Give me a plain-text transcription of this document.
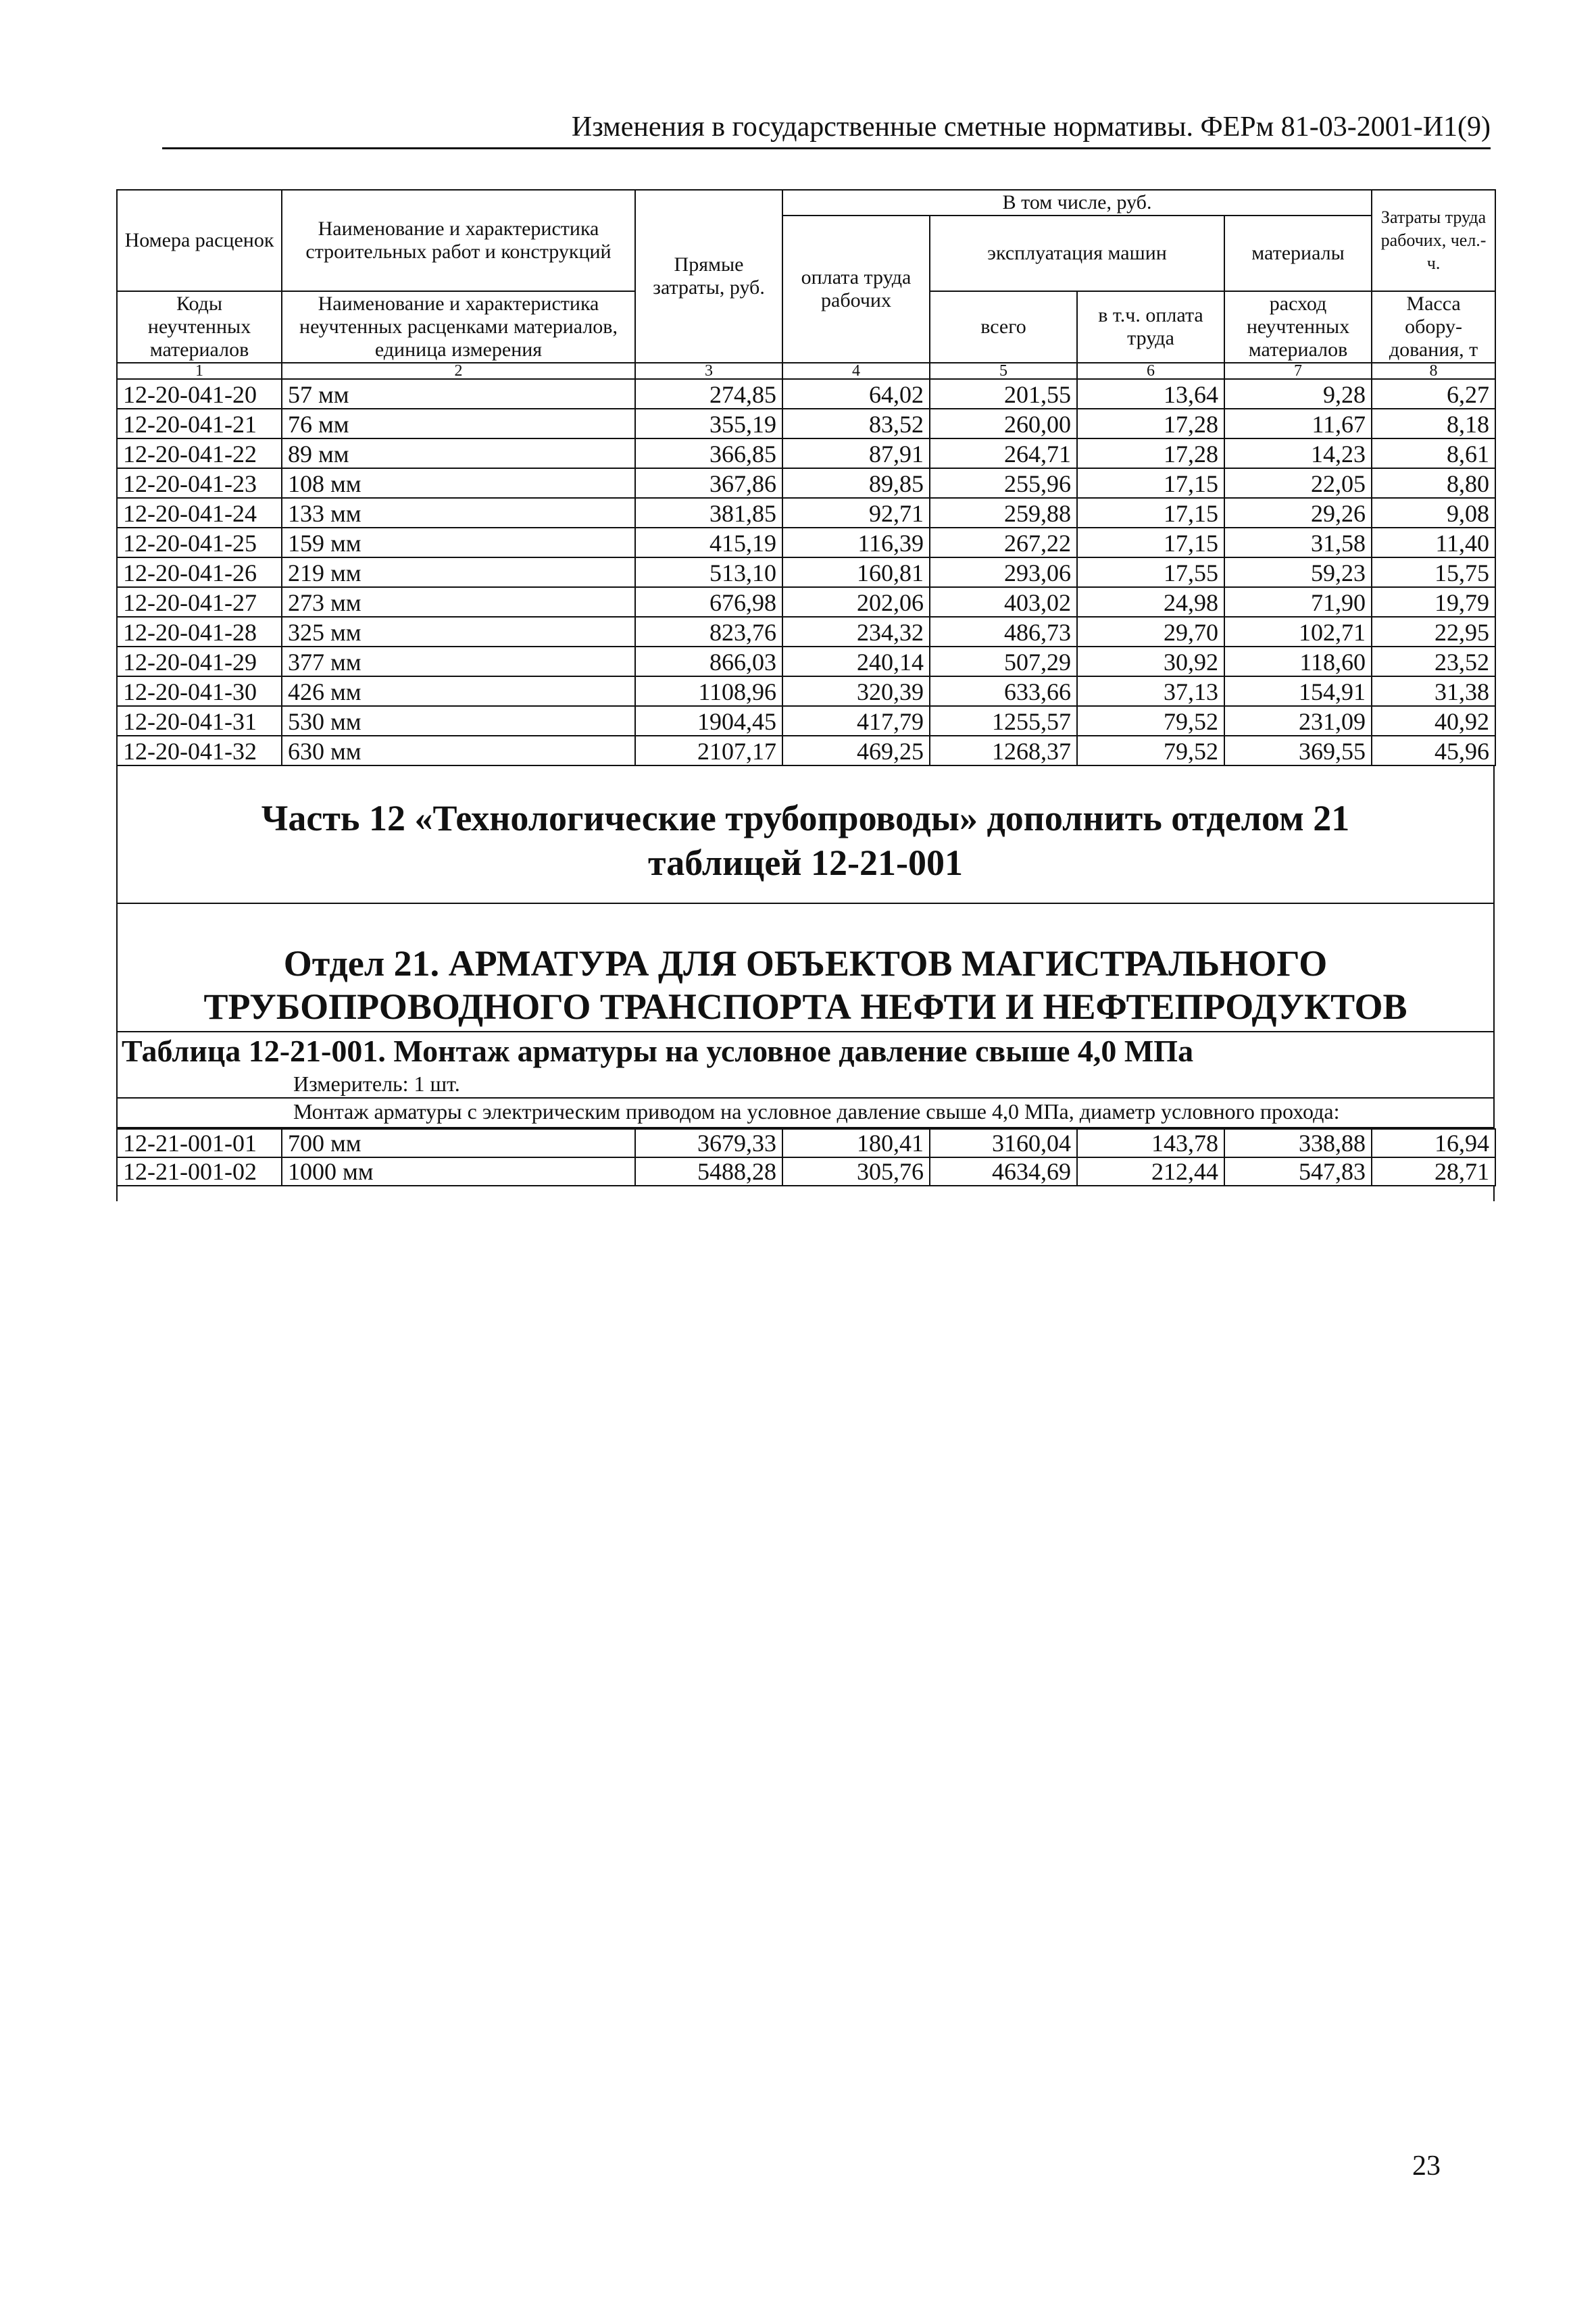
Изменения в государственные сметные нормативы. ФЕРм 81-03-2001-И1(9)
Номера расценок	Наименование и характеристика строительных работ и конструкций	Прямые затраты, руб.	В том числе, руб.				Затраты труда рабочих, чел.-ч.
			оплата труда рабочих	эксплуатация машин		материалы	

Коды неучтенных материалов	Наименование и характеристика неучтенных расценками материалов, единица измерения			всего	в т.ч. оплата труда	расход неучтенных материалов	Масса обору-дования, т

1	2	3	4	5	6	7	8
12-20-041-20	57 мм	274,85	64,02	201,55	13,64	9,28	6,27
12-20-041-21	76 мм	355,19	83,52	260,00	17,28	11,67	8,18
12-20-041-22	89 мм	366,85	87,91	264,71	17,28	14,23	8,61
12-20-041-23	108 мм	367,86	89,85	255,96	17,15	22,05	8,80
12-20-041-24	133 мм	381,85	92,71	259,88	17,15	29,26	9,08
12-20-041-25	159 мм	415,19	116,39	267,22	17,15	31,58	11,40
12-20-041-26	219 мм	513,10	160,81	293,06	17,55	59,23	15,75
12-20-041-27	273 мм	676,98	202,06	403,02	24,98	71,90	19,79
12-20-041-28	325 мм	823,76	234,32	486,73	29,70	102,71	22,95
12-20-041-29	377 мм	866,03	240,14	507,29	30,92	118,60	23,52
12-20-041-30	426 мм	1108,96	320,39	633,66	37,13	154,91	31,38
12-20-041-31	530 мм	1904,45	417,79	1255,57	79,52	231,09	40,92
12-20-041-32	630 мм	2107,17	469,25	1268,37	79,52	369,55	45,96
Часть 12 «Технологические трубопроводы» дополнить отделом 21
таблицей 12-21-001
Отдел 21. АРМАТУРА ДЛЯ ОБЪЕКТОВ МАГИСТРАЛЬНОГО
ТРУБОПРОВОДНОГО ТРАНСПОРТА НЕФТИ И НЕФТЕПРОДУКТОВ
Таблица 12-21-001. Монтаж арматуры на условное давление свыше 4,0 МПа
Измеритель: 1 шт.
Монтаж арматуры с электрическим приводом на условное давление свыше 4,0 МПа, диаметр условного прохода:
12-21-001-01	700 мм	3679,33	180,41	3160,04	143,78	338,88	16,94
12-21-001-02	1000 мм	5488,28	305,76	4634,69	212,44	547,83	28,71
23
